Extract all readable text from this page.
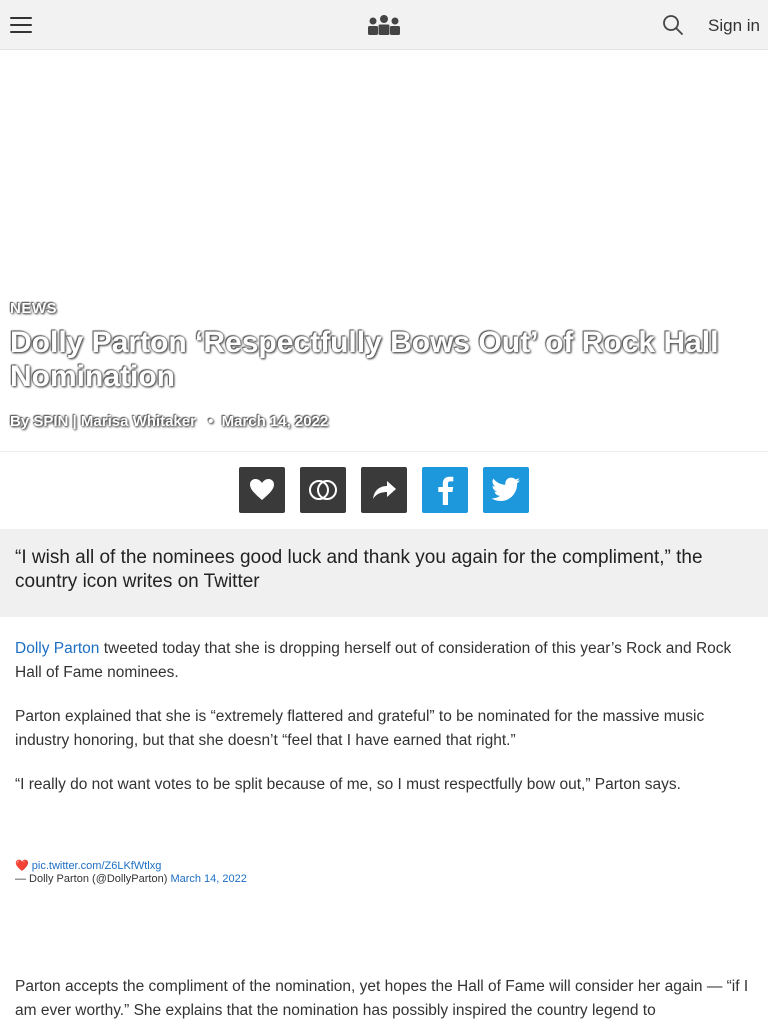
Sign in
NEWS
Dolly Parton ‘Respectfully Bows Out’ of Rock Hall Nomination
By SPIN | Marisa Whitaker • March 14, 2022
“I wish all of the nominees good luck and thank you again for the compliment,” the country icon writes on Twitter

Dolly Parton tweeted today that she is dropping herself out of consideration of this year’s Rock and Rock Hall of Fame nominees.

Parton explained that she is “extremely flattered and grateful” to be nominated for the massive music industry honoring, but that she doesn’t “feel that I have earned that right.”

“I really do not want votes to be split because of me, so I must respectfully bow out,” Parton says.

❤️ pic.twitter.com/Z6LKfWtlxg
— Dolly Parton (@DollyParton) March 14, 2022
Parton accepts the compliment of the nomination, yet hopes the Hall of Fame will consider her again — “if I am ever worthy.” She explains that the nomination has possibly inspired the country legend to
